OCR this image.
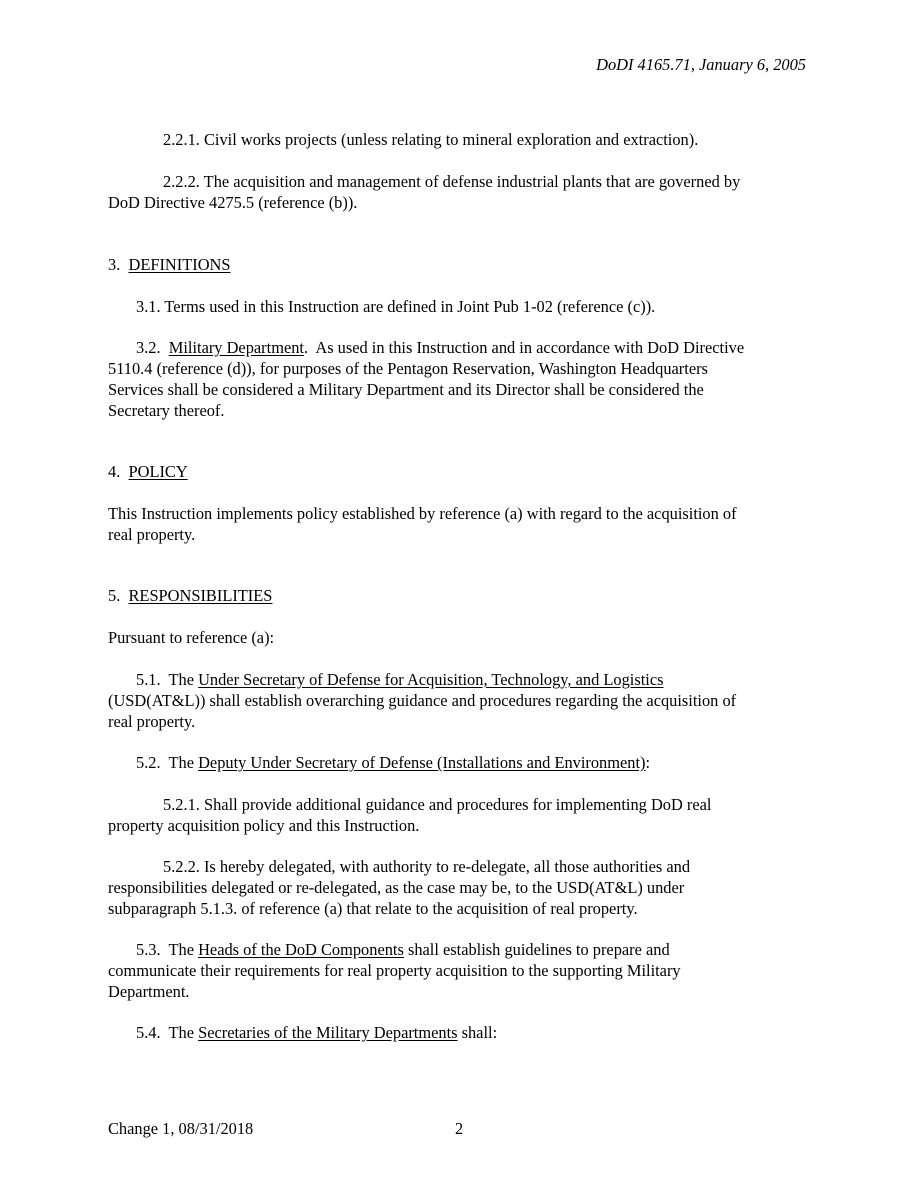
DoDI 4165.71, January 6, 2005
2.2.1. Civil works projects (unless relating to mineral exploration and extraction).
2.2.2. The acquisition and management of defense industrial plants that are governed by
DoD Directive 4275.5 (reference (b)).
3.  DEFINITIONS
3.1. Terms used in this Instruction are defined in Joint Pub 1-02 (reference (c)).
3.2.  Military Department.  As used in this Instruction and in accordance with DoD Directive
5110.4 (reference (d)), for purposes of the Pentagon Reservation, Washington Headquarters
Services shall be considered a Military Department and its Director shall be considered the
Secretary thereof.
4.  POLICY
This Instruction implements policy established by reference (a) with regard to the acquisition of
real property.
5.  RESPONSIBILITIES
Pursuant to reference (a):
5.1.  The Under Secretary of Defense for Acquisition, Technology, and Logistics
(USD(AT&L)) shall establish overarching guidance and procedures regarding the acquisition of
real property.
5.2.  The Deputy Under Secretary of Defense (Installations and Environment):
5.2.1. Shall provide additional guidance and procedures for implementing DoD real
property acquisition policy and this Instruction.
5.2.2. Is hereby delegated, with authority to re-delegate, all those authorities and
responsibilities delegated or re-delegated, as the case may be, to the USD(AT&L) under
subparagraph 5.1.3. of reference (a) that relate to the acquisition of real property.
5.3.  The Heads of the DoD Components shall establish guidelines to prepare and
communicate their requirements for real property acquisition to the supporting Military
Department.
5.4.  The Secretaries of the Military Departments shall:
Change 1, 08/31/2018	2
